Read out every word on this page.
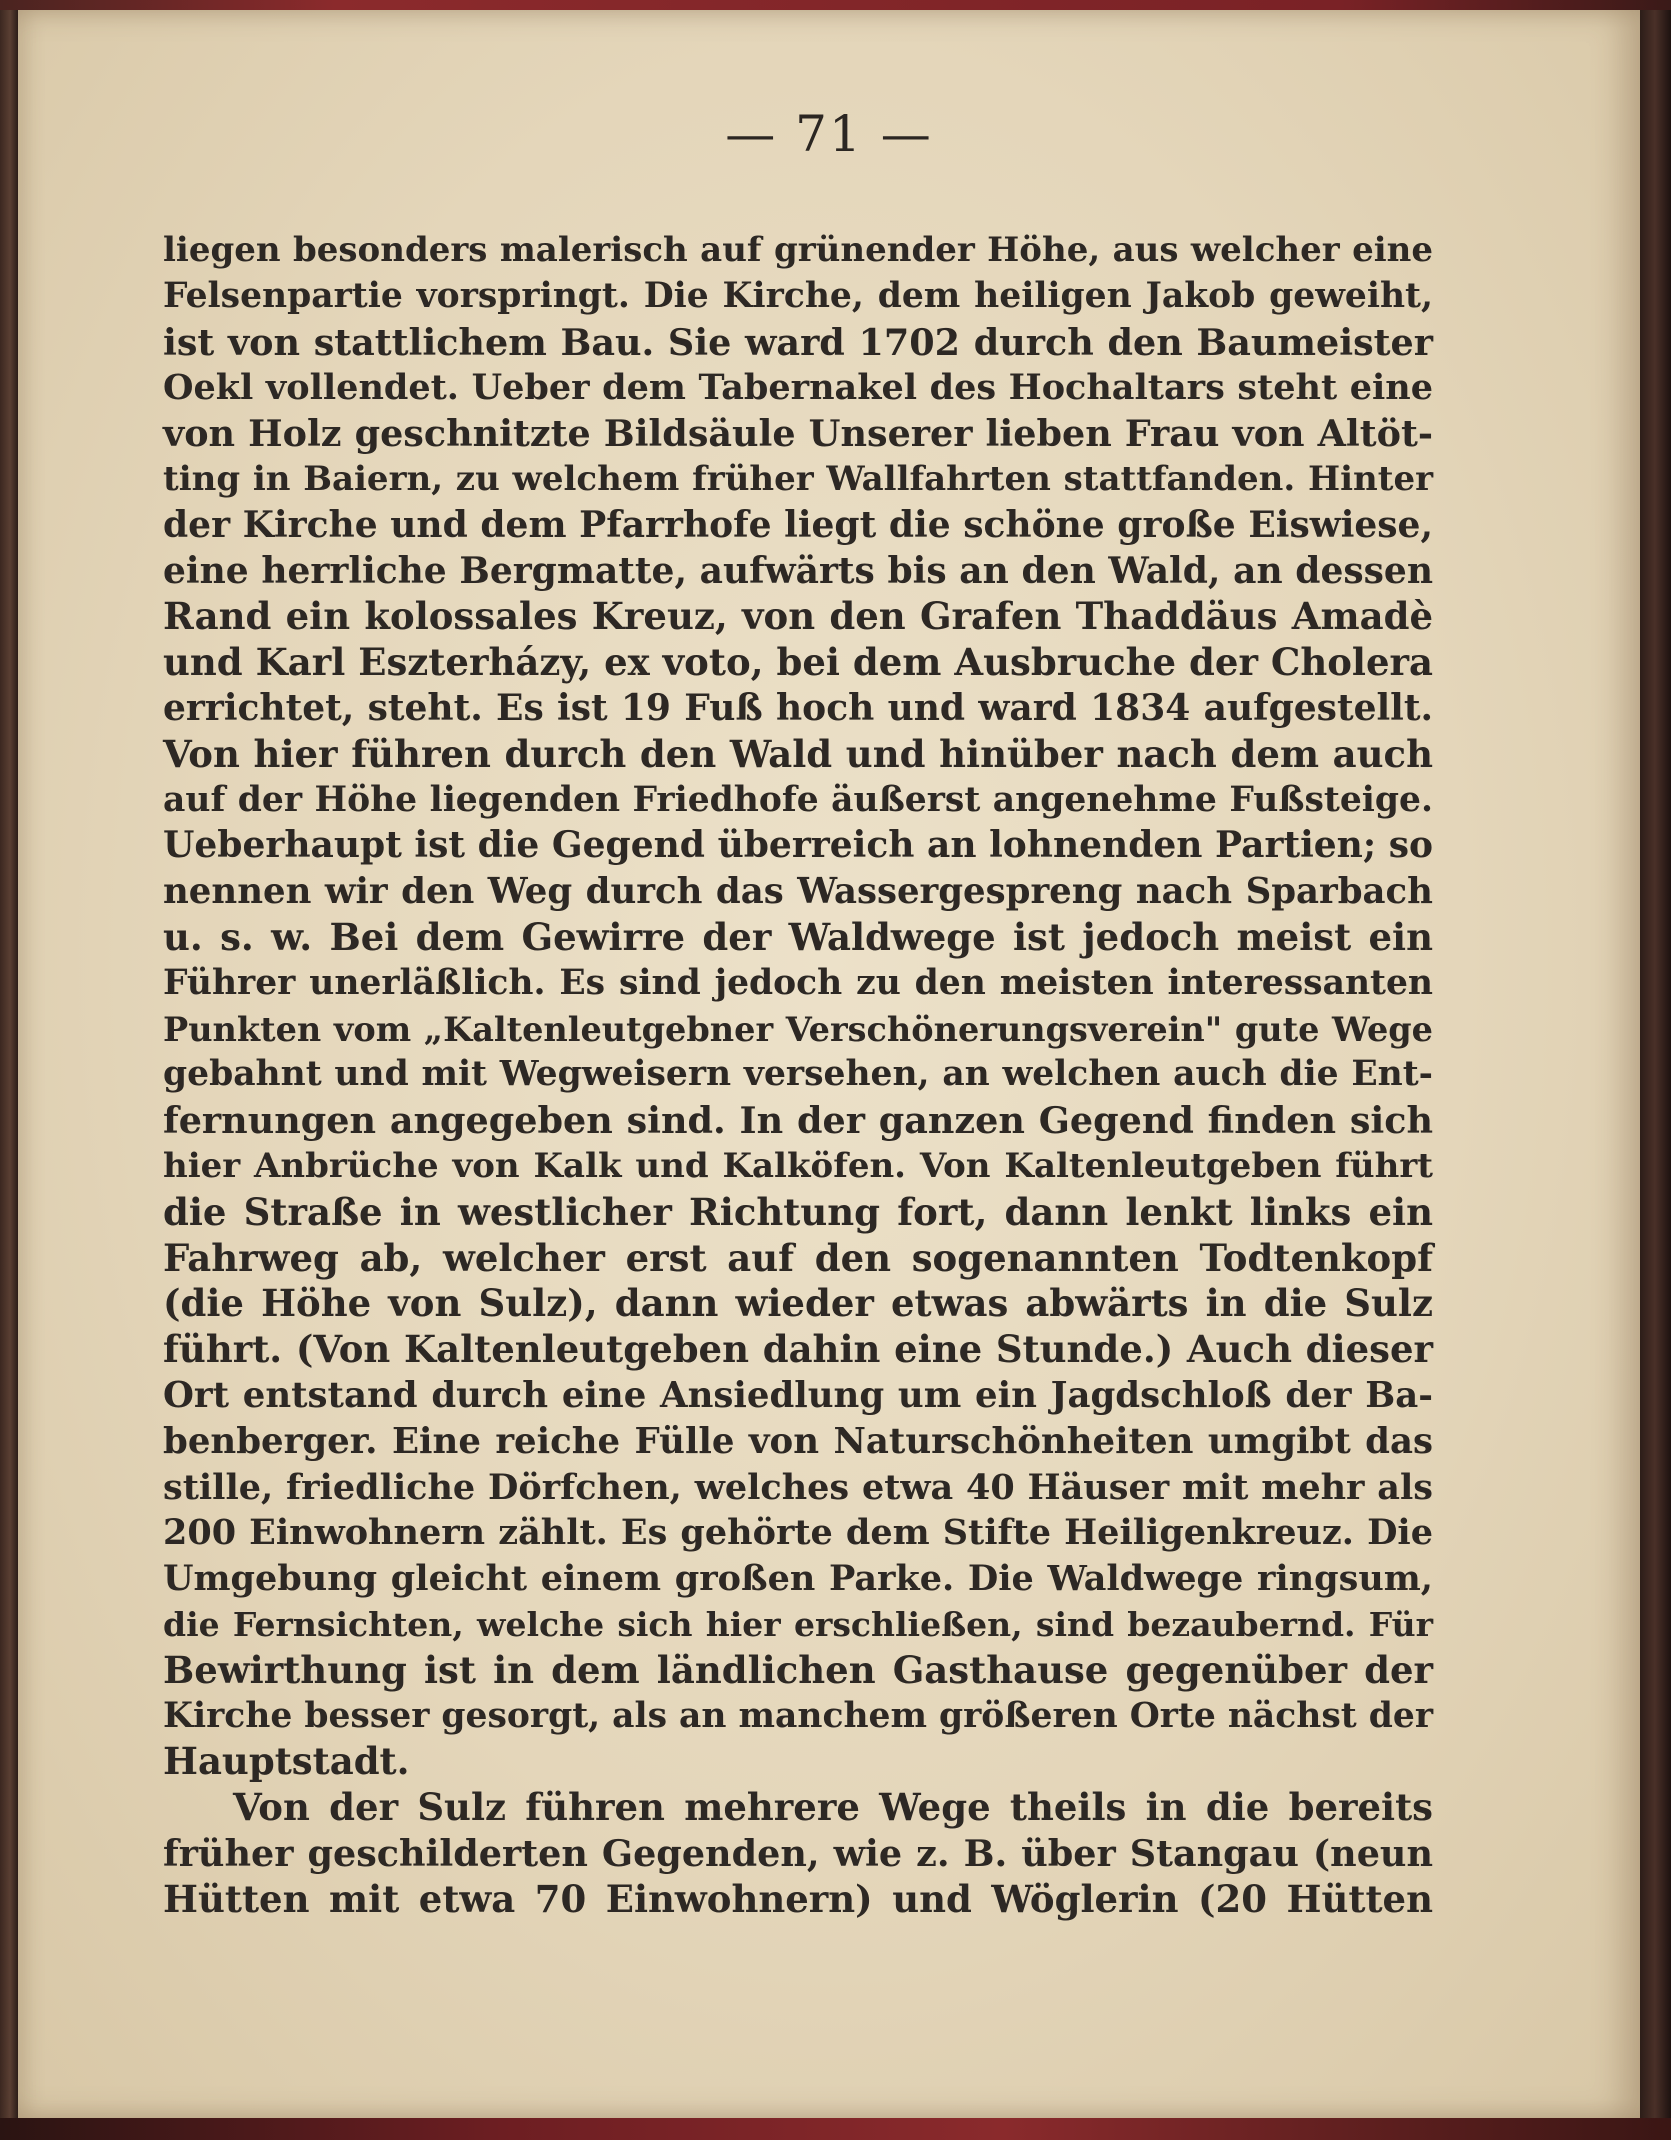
— 71 —
liegen besonders malerisch auf grünender Höhe, aus welcher eine
Felsenpartie vorspringt. Die Kirche, dem heiligen Jakob geweiht,
ist von stattlichem Bau. Sie ward 1702 durch den Baumeister
Oekl vollendet. Ueber dem Tabernakel des Hochaltars steht eine
von Holz geschnitzte Bildsäule Unserer lieben Frau von Altöt-
ting in Baiern, zu welchem früher Wallfahrten stattfanden. Hinter
der Kirche und dem Pfarrhofe liegt die schöne große Eiswiese,
eine herrliche Bergmatte, aufwärts bis an den Wald, an dessen
Rand ein kolossales Kreuz, von den Grafen Thaddäus Amadè
und Karl Eszterházy, ex voto, bei dem Ausbruche der Cholera
errichtet, steht. Es ist 19 Fuß hoch und ward 1834 aufgestellt.
Von hier führen durch den Wald und hinüber nach dem auch
auf der Höhe liegenden Friedhofe äußerst angenehme Fußsteige.
Ueberhaupt ist die Gegend überreich an lohnenden Partien; so
nennen wir den Weg durch das Wassergespreng nach Sparbach
u. s. w. Bei dem Gewirre der Waldwege ist jedoch meist ein
Führer unerläßlich. Es sind jedoch zu den meisten interessanten
Punkten vom „Kaltenleutgebner Verschönerungsverein" gute Wege
gebahnt und mit Wegweisern versehen, an welchen auch die Ent-
fernungen angegeben sind. In der ganzen Gegend finden sich
hier Anbrüche von Kalk und Kalköfen. Von Kaltenleutgeben führt
die Straße in westlicher Richtung fort, dann lenkt links ein
Fahrweg ab, welcher erst auf den sogenannten Todtenkopf
(die Höhe von Sulz), dann wieder etwas abwärts in die Sulz
führt. (Von Kaltenleutgeben dahin eine Stunde.) Auch dieser
Ort entstand durch eine Ansiedlung um ein Jagdschloß der Ba-
benberger. Eine reiche Fülle von Naturschönheiten umgibt das
stille, friedliche Dörfchen, welches etwa 40 Häuser mit mehr als
200 Einwohnern zählt. Es gehörte dem Stifte Heiligenkreuz. Die
Umgebung gleicht einem großen Parke. Die Waldwege ringsum,
die Fernsichten, welche sich hier erschließen, sind bezaubernd. Für
Bewirthung ist in dem ländlichen Gasthause gegenüber der
Kirche besser gesorgt, als an manchem größeren Orte nächst der
Hauptstadt.
Von der Sulz führen mehrere Wege theils in die bereits
früher geschilderten Gegenden, wie z. B. über Stangau (neun
Hütten mit etwa 70 Einwohnern) und Wöglerin (20 Hütten
